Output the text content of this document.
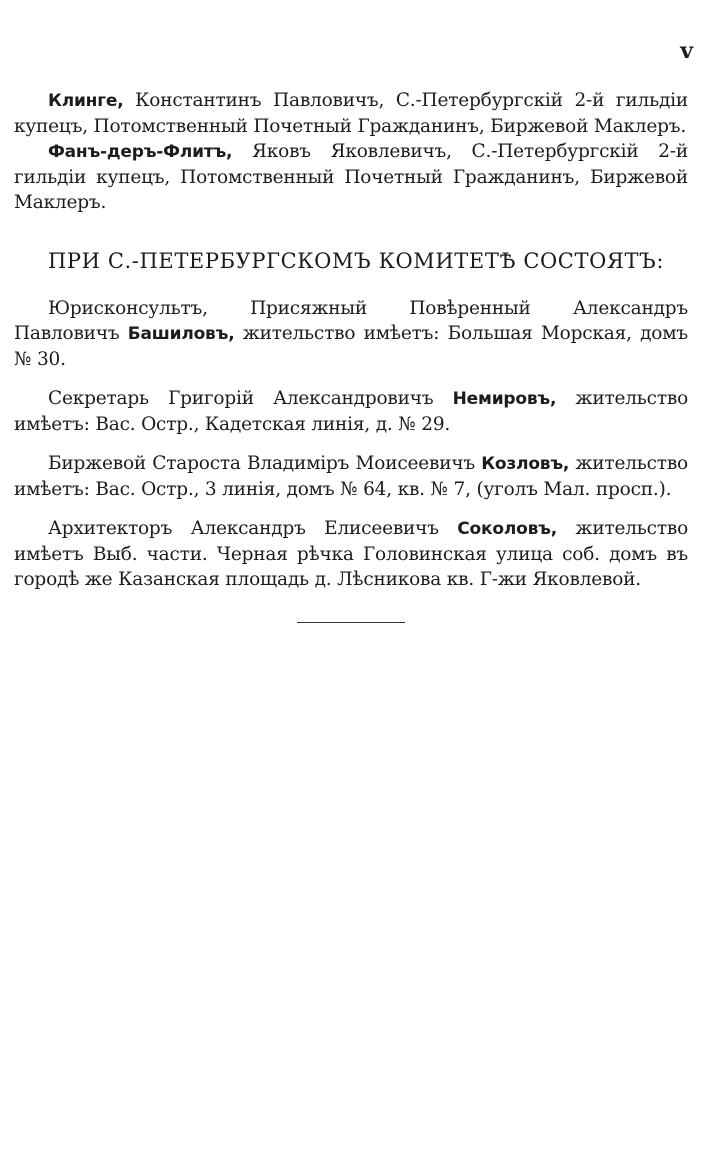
v

Клинге, Константинъ Павловичъ, С.-Петербургскій 2-й гильдіи купецъ, Потомственный Почетный Гражданинъ, Биржевой Маклеръ.

Фанъ-деръ-Флитъ, Яковъ Яковлевичъ, С.-Петербургскій 2-й гильдіи купецъ, Потомственный Почетный Гражданинъ, Биржевой Маклеръ.

ПРИ С.-ПЕТЕРБУРГСКОМЪ КОМИТЕТѢ СОСТОЯТЪ:

Юрисконсультъ, Присяжный Повѣренный Александръ Павловичъ Башиловъ, жительство имѣетъ: Большая Морская, домъ № 30.

Секретарь Григорій Александровичъ Немировъ, жительство имѣетъ: Вас. Остр., Кадетская линія, д. № 29.

Биржевой Староста Владиміръ Моисеевичъ Козловъ, жительство имѣетъ: Вас. Остр., 3 линія, домъ № 64, кв. № 7, (уголъ Мал. просп.).

Архитекторъ Александръ Елисеевичъ Соколовъ, жительство имѣетъ Выб. части. Черная рѣчка Головинская улица соб. домъ въ городѣ же Казанская площадь д. Лѣсникова кв. Г-жи Яковлевой.
